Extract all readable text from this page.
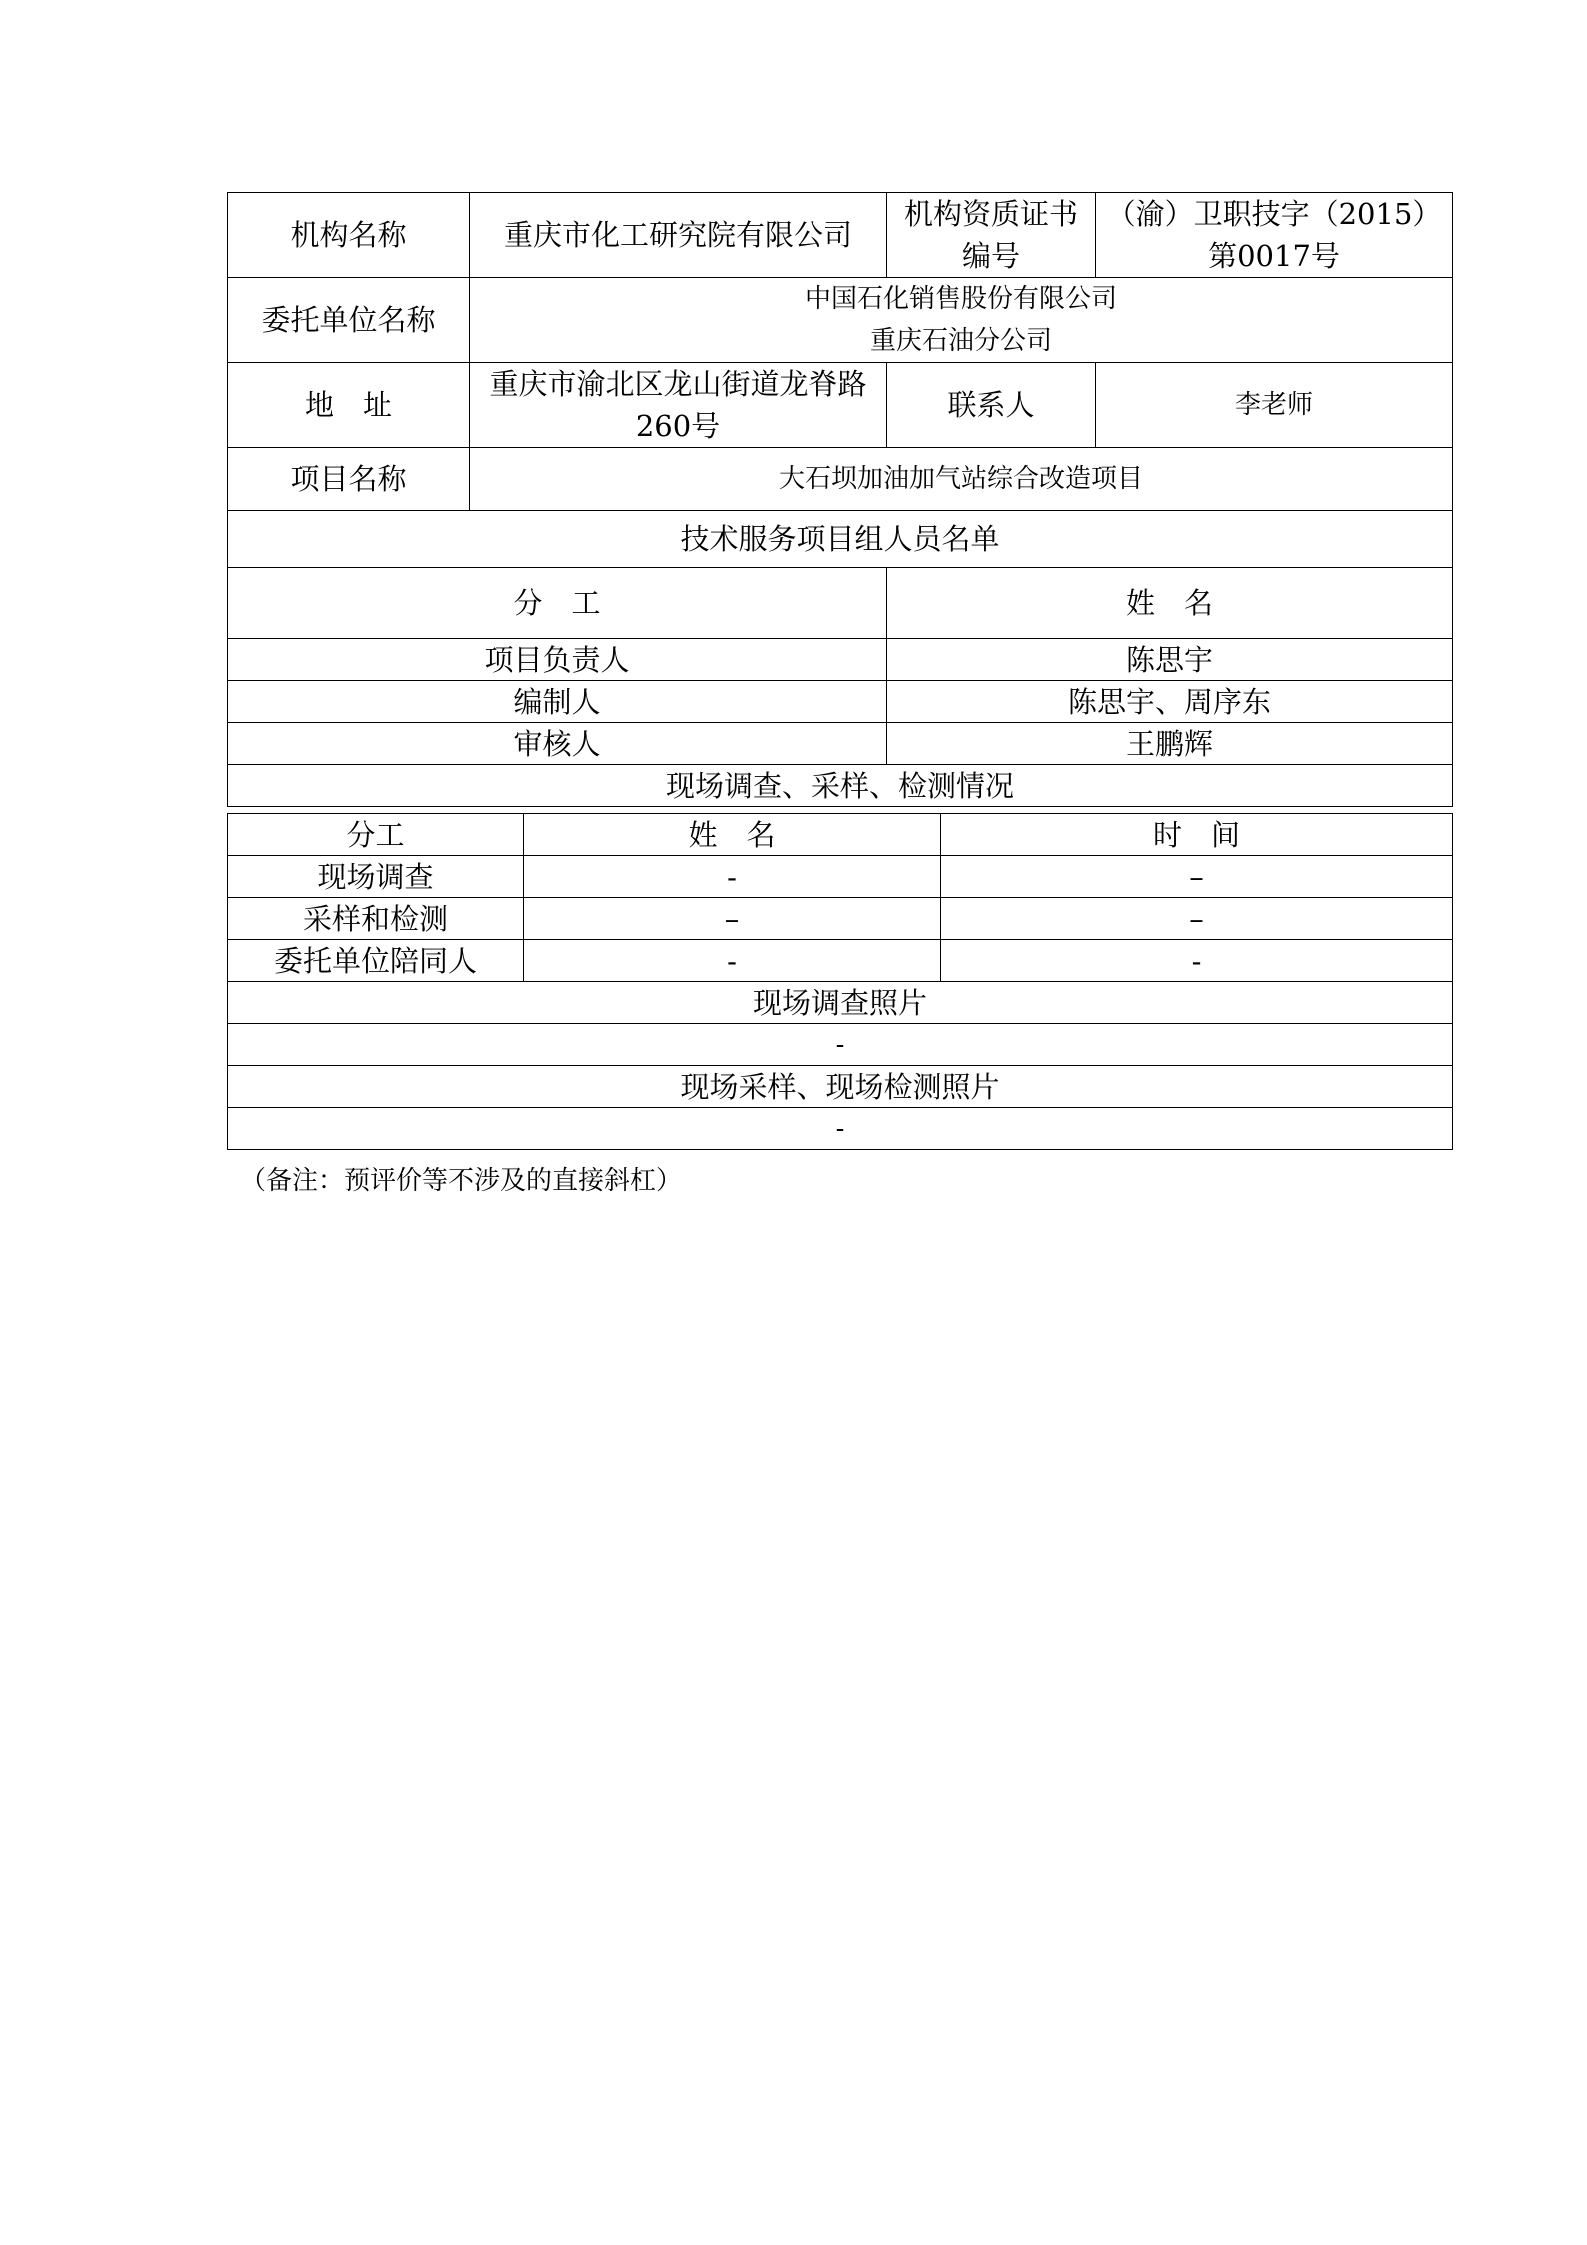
机构名称	重庆市化工研究院有限公司	机构资质证书编号	（渝）卫职技字（2015）第0017号
委托单位名称	中国石化销售股份有限公司
重庆石油分公司		

地　址	重庆市渝北区龙山街道龙脊路260号	联系人	李老师
项目名称	大石坝加油加气站综合改造项目		
技术服务项目组人员名单			
分　工		姓　名	
项目负责人		陈思宇	
编制人		陈思宇、周序东	
审核人		王鹏辉	
现场调查、采样、检测情况			
分工	姓　名	时　间
现场调查	-	–
采样和检测	–	–
委托单位陪同人	-	-
现场调查照片		
-		
现场采样、现场检测照片		
-		
（备注：预评价等不涉及的直接斜杠）
